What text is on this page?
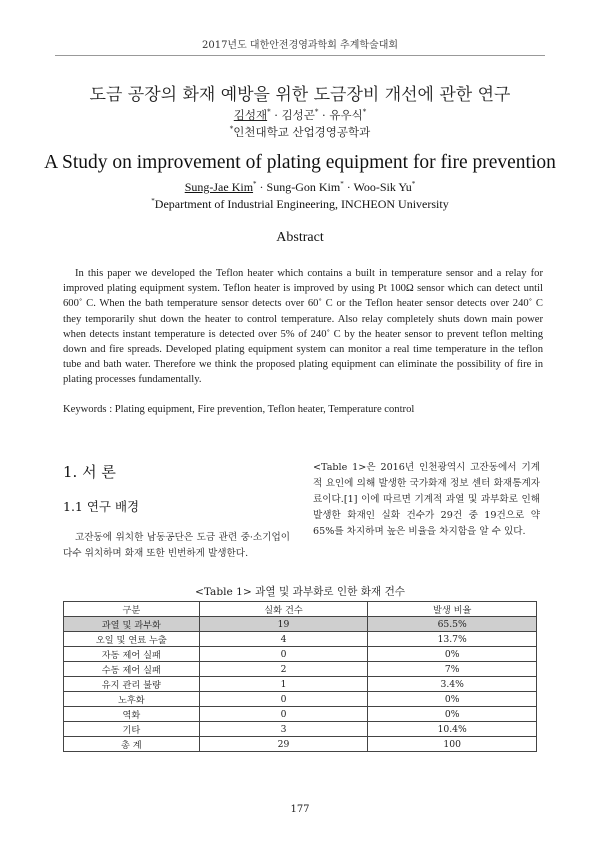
2017년도 대한안전경영과학회 추계학술대회
도금 공장의 화재 예방을 위한 도금장비 개선에 관한 연구
김성재* · 김성곤* · 유우식*
*인천대학교 산업경영공학과
A Study on improvement of plating equipment for fire prevention
Sung-Jae Kim* · Sung-Gon Kim* · Woo-Sik Yu*
*Department of Industrial Engineering, INCHEON University
Abstract

In this paper we developed the Teflon heater which contains a built in temperature sensor and a relay for improved plating equipment system. Teflon heater is improved by using Pt 100Ω sensor which can detect until 600˚ C. When the bath temperature sensor detects over 60˚ C or the Teflon heater sensor detects over 240˚ C they temporarily shut down the heater to control temperature. Also relay completely shuts down main power when detects instant temperature is detected over 5% of 240˚ C by the heater sensor to prevent teflon melting down and fire spreads. Developed plating equipment system can monitor a real time temperature in the teflon tube and bath water. Therefore we think the proposed plating equipment can eliminate the possibility of fire in plating processes fundamentally.

Keywords : Plating equipment, Fire prevention, Teflon heater, Temperature control
1. 서 론
1.1 연구 배경

고잔동에 위치한 남동공단은 도금 관련 중·소기업이 다수 위치하며 화재 또한 빈번하게 발생한다.

<Table 1>은 2016년 인천광역시 고잔동에서 기계적 요인에 의해 발생한 국가화재 정보 센터 화재통계자료이다.[1] 이에 따르면 기계적 과열 및 과부화로 인해 발생한 화재인 실화 건수가 29건 중 19건으로 약 65%를 차지하며 높은 비율을 차지함을 알 수 있다.

<Table 1> 과열 및 과부화로 인한 화재 건수
구분	실화 건수	발생 비율
과열 및 과부화	19	65.5%
오일 및 연료 누출	4	13.7%
자동 제어 실패	0	0%
수동 제어 실패	2	7%
유지 관리 불량	1	3.4%
노후화	0	0%
역화	0	0%
기타	3	10.4%
총 계	29	100
177
